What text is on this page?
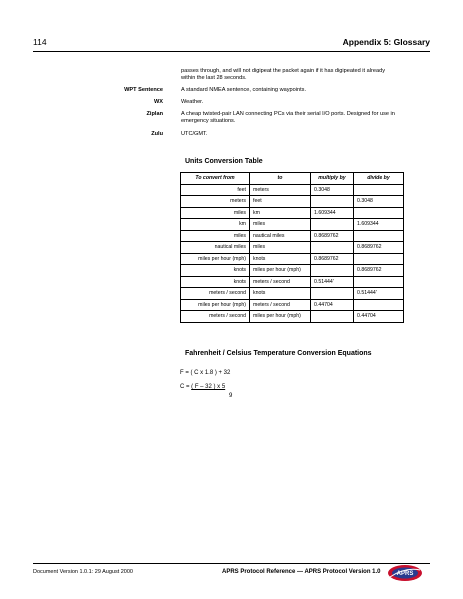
114	Appendix 5: Glossary
passes through, and will not digipeat the packet again if it has digipeated it already
within the last 28 seconds.
WPT Sentence	A standard NMEA sentence, containing waypoints.
WX	Weather.
Ziplan	A cheap twisted-pair LAN connecting PCs via their serial I/O ports. Designed for use in
emergency situations.
Zulu	UTC/GMT.
Units Conversion Table
To convert from	to	multiply by	divide by
feet	meters	0.3048	
meters	feet		0.3048
miles	km	1.609344	
km	miles		1.609344
miles	nautical miles	0.8689762	
nautical miles	miles		0.8689762
miles per hour (mph)	knots	0.8689762	
knots	miles per hour (mph)		0.8689762
knots	meters / second	0.51444'	
meters / second	knots		0.51444'
miles per hour (mph)	meters / second	0.44704	
meters / second	miles per hour (mph)		0.44704
Fahrenheit / Celsius Temperature Conversion Equations
F = ( C x 1.8 ) + 32
C = ( F – 32 ) x 5
9
Document Version 1.0.1: 29 August 2000	APRS Protocol Reference — APRS Protocol Version 1.0	APRS
